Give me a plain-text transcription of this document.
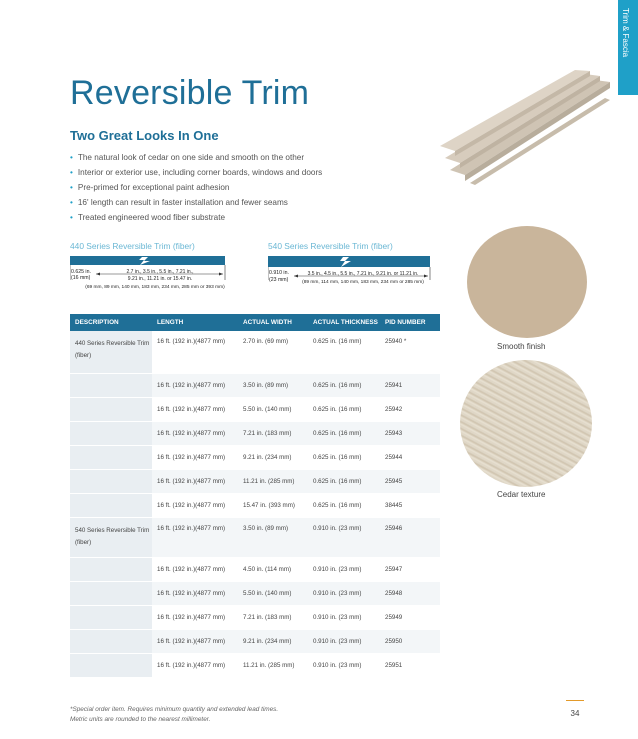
Trim & Fascia
Reversible Trim
Two Great Looks In One
• The natural look of cedar on one side and smooth on the other
• Interior or exterior use, including corner boards, windows and doors
• Pre-primed for exceptional paint adhesion
• 16' length can result in faster installation and fewer seams
• Treated engineered wood fiber substrate
Smooth finish
Cedar texture
440 Series Reversible Trim (fiber)
0.625 in.
(16 mm)
2.7 in., 3.5 in., 5.5 in., 7.21 in.,
9.21 in., 11.21 in. or 15.47 in.
(69 mm, 89 mm, 140 mm, 183 mm, 234 mm, 285 mm or 393 mm)
540 Series Reversible Trim (fiber)
0.910 in.
(23 mm)
3.5 in., 4.5 in., 5.5 in., 7.21 in., 9.21 in. or 11.21 in.
(89 mm, 114 mm, 140 mm, 183 mm, 234 mm or 285 mm)
DESCRIPTION	LENGTH	ACTUAL WIDTH	ACTUAL THICKNESS	PID NUMBER
440 Series Reversible Trim (fiber)	16 ft. (192 in.)(4877 mm)	2.70 in. (69 mm)	0.625 in. (16 mm)	25940 *
	16 ft. (192 in.)(4877 mm)	3.50 in. (89 mm)	0.625 in. (16 mm)	25941
	16 ft. (192 in.)(4877 mm)	5.50 in. (140 mm)	0.625 in. (16 mm)	25942
	16 ft. (192 in.)(4877 mm)	7.21 in. (183 mm)	0.625 in. (16 mm)	25943
	16 ft. (192 in.)(4877 mm)	9.21 in. (234 mm)	0.625 in. (16 mm)	25944
	16 ft. (192 in.)(4877 mm)	11.21 in. (285 mm)	0.625 in. (16 mm)	25945
	16 ft. (192 in.)(4877 mm)	15.47 in. (393 mm)	0.625 in. (16 mm)	38445
540 Series Reversible Trim (fiber)	16 ft. (192 in.)(4877 mm)	3.50 in. (89 mm)	0.910 in. (23 mm)	25946
	16 ft. (192 in.)(4877 mm)	4.50 in. (114 mm)	0.910 in. (23 mm)	25947
	16 ft. (192 in.)(4877 mm)	5.50 in. (140 mm)	0.910 in. (23 mm)	25948
	16 ft. (192 in.)(4877 mm)	7.21 in. (183 mm)	0.910 in. (23 mm)	25949
	16 ft. (192 in.)(4877 mm)	9.21 in. (234 mm)	0.910 in. (23 mm)	25950
	16 ft. (192 in.)(4877 mm)	11.21 in. (285 mm)	0.910 in. (23 mm)	25951
*Special order item. Requires minimum quantity and extended lead times.
Metric units are rounded to the nearest millimeter.
34
